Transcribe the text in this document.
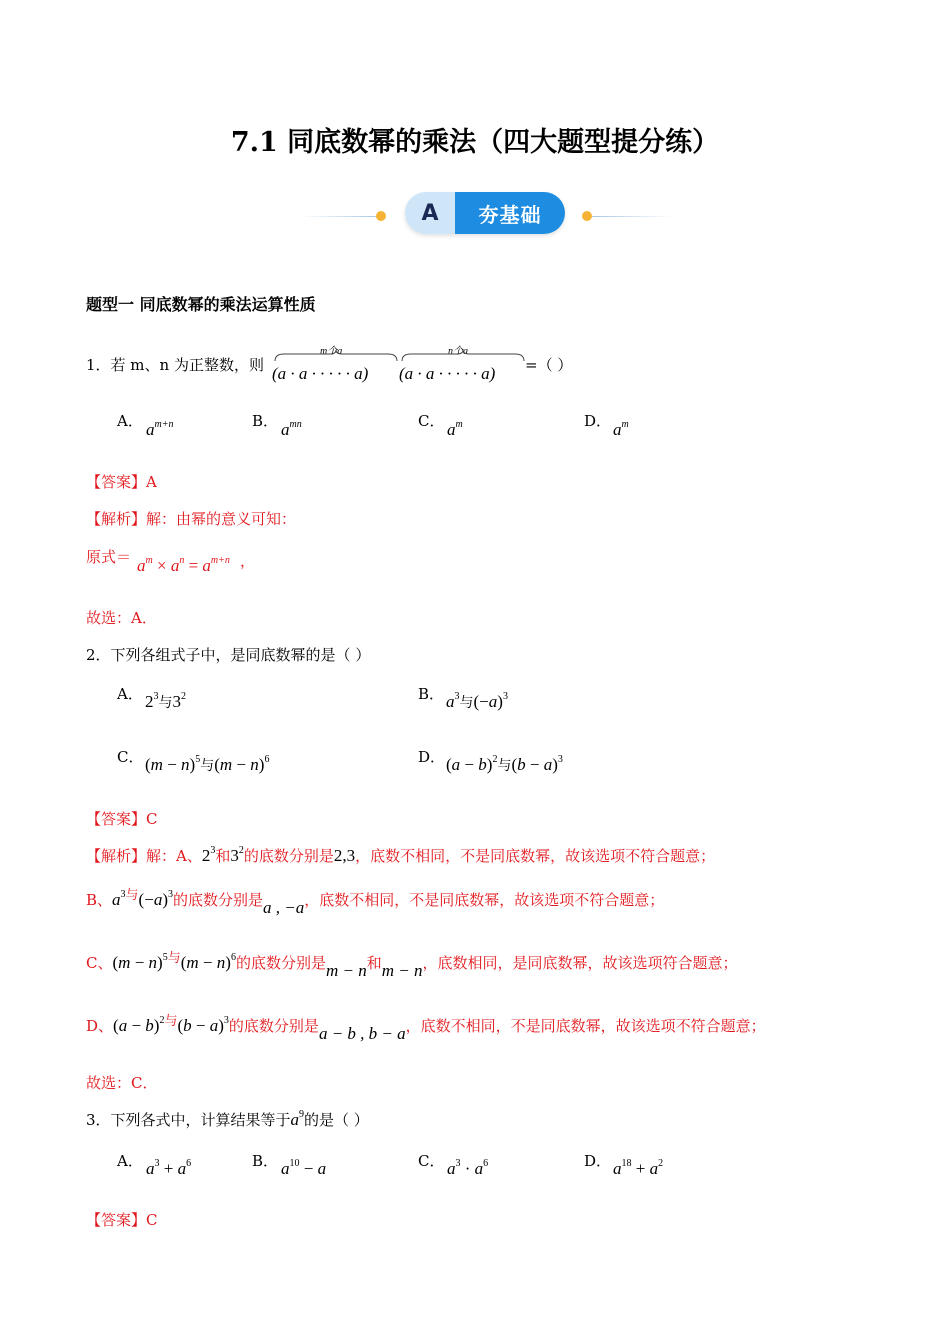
7.1 同底数幂的乘法（四大题型提分练）
A	夯基础
题型一 同底数幂的乘法运算性质
1．若 m、n 为正整数，则
m个a
(a · a · · · · · a)
n个a
(a · a · · · · · a) =（ ）
A． $a^{m+n}$	B． $a^{mn}$	C． $a^m$	D． $a^m$
【答案】A
【解析】解：由幂的意义可知：
原式＝ $a^m \times a^n = a^{m+n}$ ，
故选：A．
2．下列各组式子中，是同底数幂的是（ ）
A． $2^3$与$3^2$	B． $a^3$与$(-a)^3$
C． $(m - n)^5$与$(m - n)^6$	D． $(a - b)^2$与$(b - a)^3$
【答案】C
【解析】解：A、$2^3$和$3^2$的底数分别是2,3，底数不相同，不是同底数幂，故该选项不符合题意；
B、$a^3$与$(-a)^3$的底数分别是a , −a，底数不相同，不是同底数幂，故该选项不符合题意；
C、$(m - n)^5$与$(m - n)^6$的底数分别是m − n和m − n，底数相同，是同底数幂，故该选项符合题意；
D、$(a - b)^2$与$(b - a)^3$的底数分别是a − b , b − a，底数不相同，不是同底数幂，故该选项不符合题意；
故选：C．
3．下列各式中，计算结果等于$a^9$的是（ ）
A． $a^3 + a^6$	B． $a^{10} - a$	C． $a^3 \cdot a^6$	D． $a^{18} + a^2$
【答案】C
